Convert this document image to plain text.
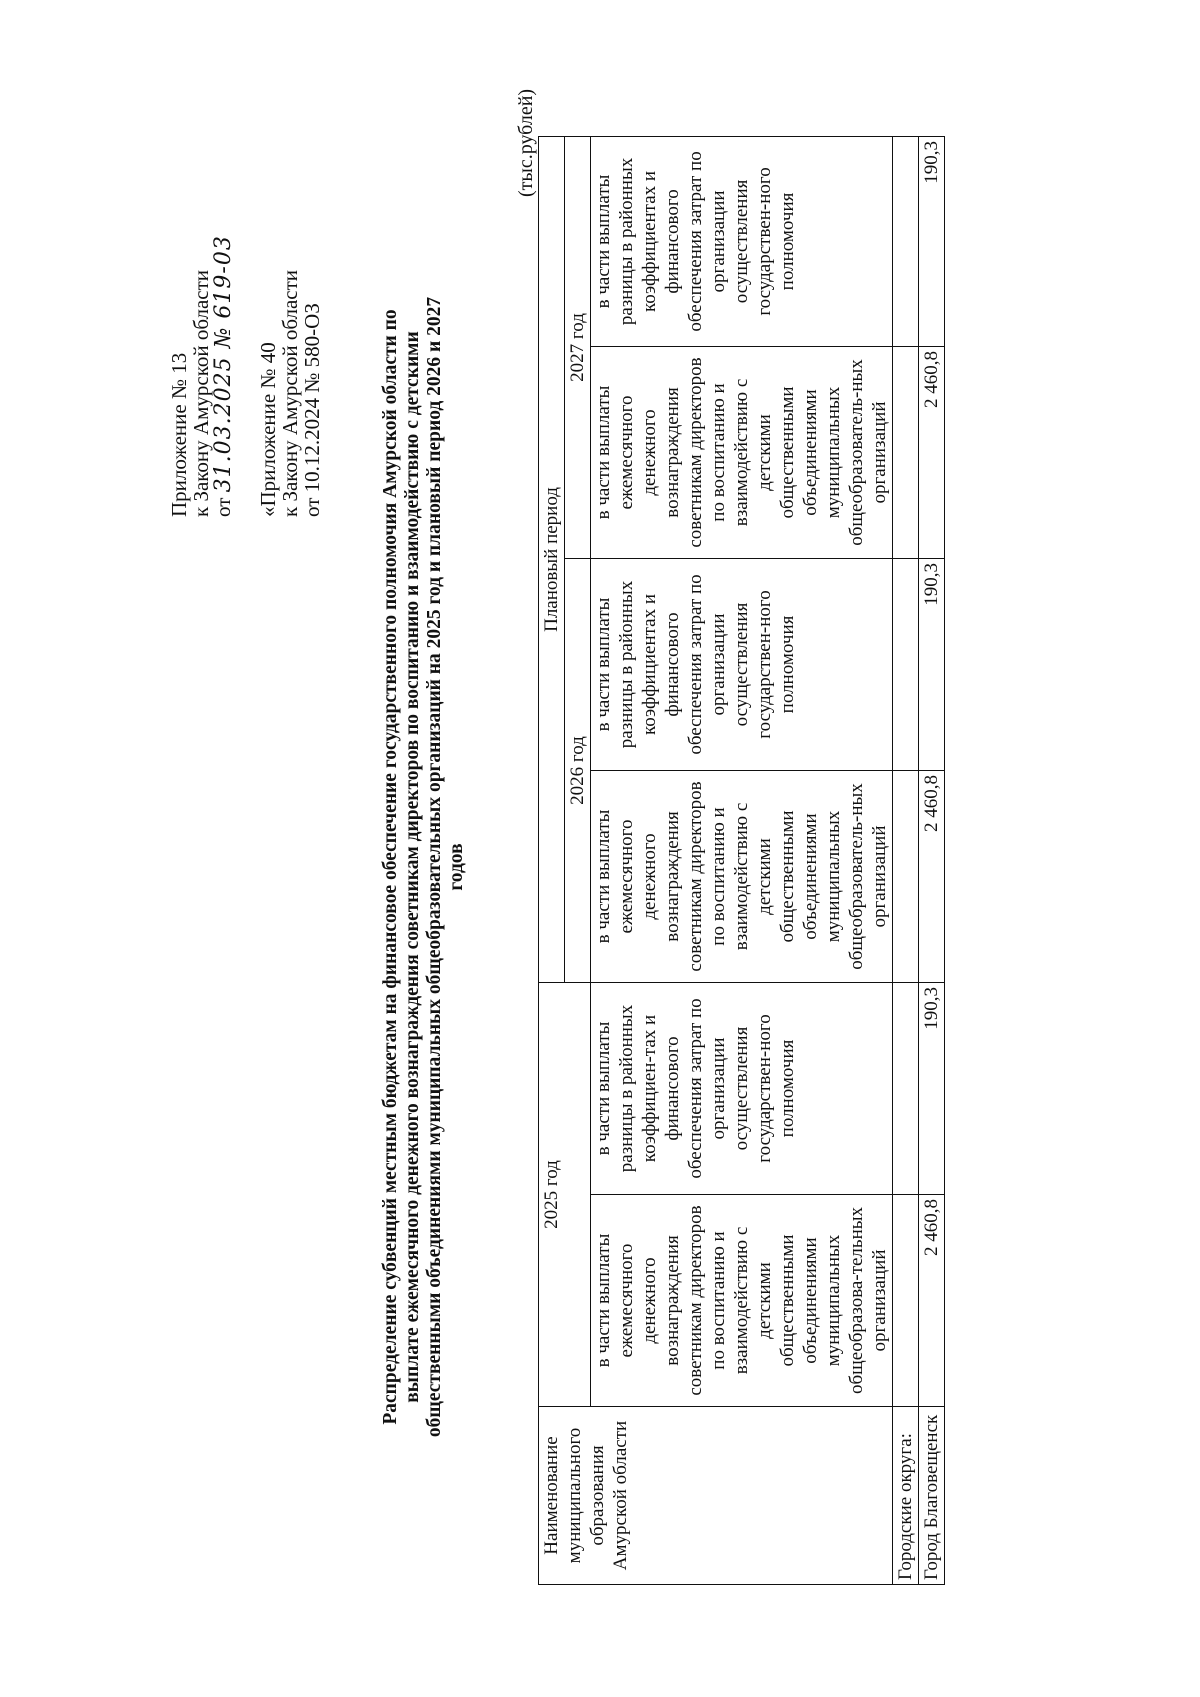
Приложение № 13
к Закону Амурской области
от 31.03.2025 № 619-03 «Приложение № 40
к Закону Амурской области
от 10.12.2024 № 580-ОЗ	Распределение субвенций местным бюджетам на финансовое обеспечение государственного полномочия Амурской области по выплате ежемесячного денежного вознаграждения советникам директоров по воспитанию и взаимодействию с детскими общественными объединениями муниципальных общеобразовательных организаций на 2025 год и плановый период 2026 и 2027 годов
(тыс.рублей)
Наименование муниципального образования Амурской области	2025 год		Плановый период			
			2026 год		2027 год	
	в части выплаты ежемесячного денежного вознаграждения советникам директоров по воспитанию и взаимодействию с детскими общественными объединениями муниципальных общеобразова-тельных организаций	в части выплаты разницы в районных коэффициен-тах и финансового обеспечения затрат по организации осуществления государствен-ного полномочия	в части выплаты ежемесячного денежного вознаграждения советникам директоров по воспитанию и взаимодействию с детскими общественными объединениями муниципальных общеобразователь-ных организаций	в части выплаты разницы в районных коэффициентах и финансового обеспечения затрат по организации осуществления государствен-ного полномочия	в части выплаты ежемесячного денежного вознаграждения советникам директоров по воспитанию и взаимодействию с детскими общественными объединениями муниципальных общеобразователь-ных организаций	в части выплаты разницы в районных коэффициентах и финансового обеспечения затрат по организации осуществления государствен-ного полномочия
Городские округа:						
Город Благовещенск	2 460,8	190,3	2 460,8	190,3	2 460,8	190,3
